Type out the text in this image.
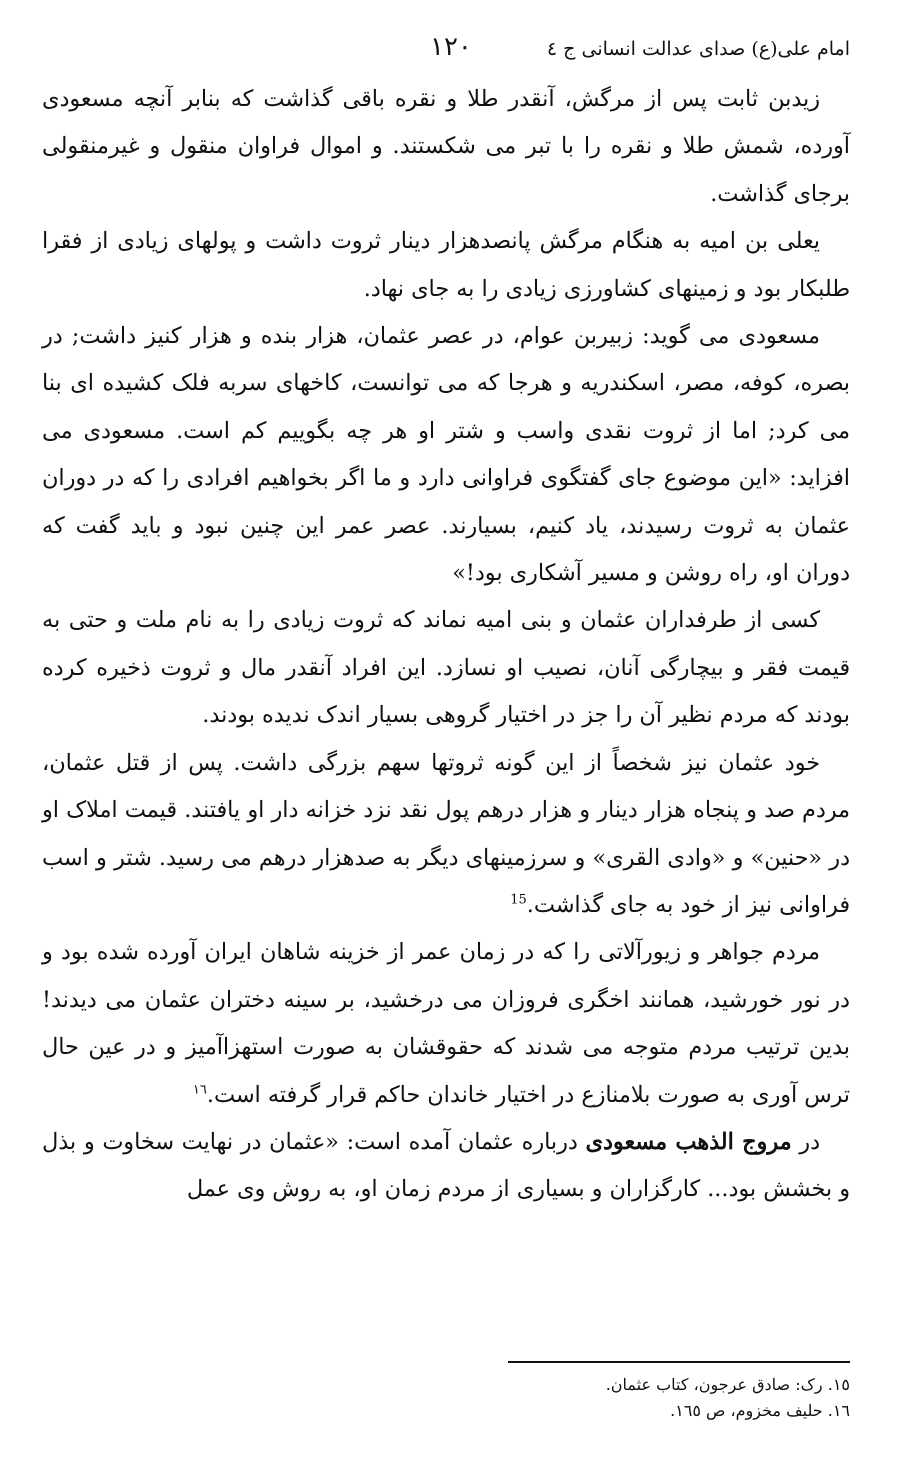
امام علی(ع) صدای عدالت انسانی ج ٤
١٢٠

زیدبن ثابت پس از مرگش، آنقدر طلا و نقره باقی گذاشت که بنابر آنچه مسعودی آورده، شمش طلا و نقره را با تبر می شکستند. و اموال فراوان منقول و غیرمنقولی برجای گذاشت.

یعلی بن امیه به هنگام مرگش پانصدهزار دینار ثروت داشت و پولهای زیادی از فقرا طلبکار بود و زمینهای کشاورزی زیادی را به جای نهاد.

مسعودی می گوید: زبیربن عوام، در عصر عثمان، هزار بنده و هزار کنیز داشت; در بصره، کوفه، مصر، اسکندریه و هرجا که می توانست، کاخهای سربه فلک کشیده ای بنا می کرد; اما از ثروت نقدی واسب و شتر او هر چه بگوییم کم است. مسعودی می افزاید: «این موضوع جای گفتگوی فراوانی دارد و ما اگر بخواهیم افرادی را که در دوران عثمان به ثروت رسیدند، یاد کنیم، بسیارند. عصر عمر این چنین نبود و باید گفت که دوران او، راه روشن و مسیر آشکاری بود!»

کسی از طرفداران عثمان و بنی امیه نماند که ثروت زیادی را به نام ملت و حتی به قیمت فقر و بیچارگی آنان، نصیب او نسازد. این افراد آنقدر مال و ثروت ذخیره کرده بودند که مردم نظیر آن را جز در اختیار گروهی بسیار اندک ندیده بودند.

خود عثمان نیز شخصاً از این گونه ثروتها سهم بزرگی داشت. پس از قتل عثمان، مردم صد و پنجاه هزار دینار و هزار درهم پول نقد نزد خزانه دار او یافتند. قیمت املاک او در «حنین» و «وادی القری» و سرزمینهای دیگر به صدهزار درهم می رسید. شتر و اسب فراوانی نیز از خود به جای گذاشت.$^{15}$

مردم جواهر و زیورآلاتی را که در زمان عمر از خزینه شاهان ایران آورده شده بود و در نور خورشید، همانند اخگری فروزان می درخشید، بر سینه دختران عثمان می دیدند! بدین ترتیب مردم متوجه می شدند که حقوقشان به صورت استهزاآمیز و در عین حال ترس آوری به صورت بلامنازع در اختیار خاندان حاکم قرار گرفته است.$^{١٦}$

در مروج الذهب مسعودی درباره عثمان آمده است: «عثمان در نهایت سخاوت و بذل و بخشش بود... کارگزاران و بسیاری از مردم زمان او، به روش وی عمل

١٥. رک: صادق عرجون، کتاب عثمان.
١٦. حلیف مخزوم، ص ١٦٥.
